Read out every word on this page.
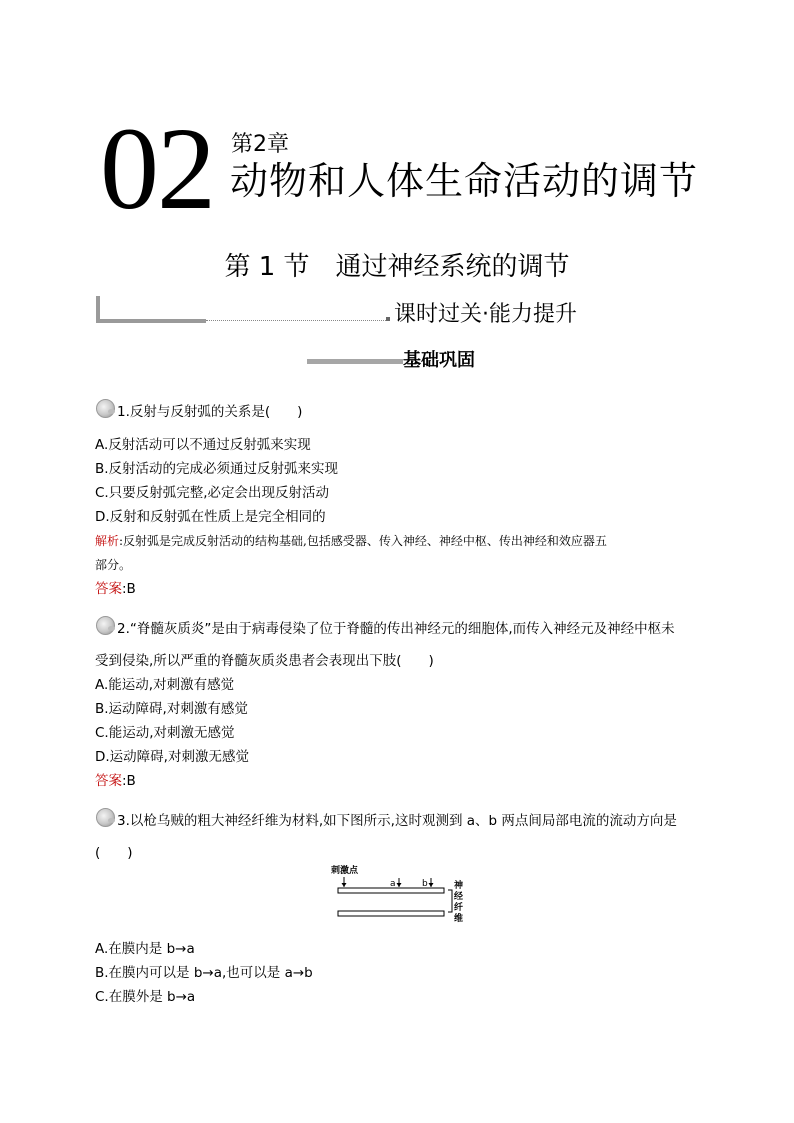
02 第2章
动物和人体生命活动的调节
第 1 节　通过神经系统的调节
课时过关·能力提升
基础巩固
1.反射与反射弧的关系是(　　)
A.反射活动可以不通过反射弧来实现
B.反射活动的完成必须通过反射弧来实现
C.只要反射弧完整,必定会出现反射活动
D.反射和反射弧在性质上是完全相同的
解析:反射弧是完成反射活动的结构基础,包括感受器、传入神经、神经中枢、传出神经和效应器五
部分。
答案:B
2.“脊髓灰质炎”是由于病毒侵染了位于脊髓的传出神经元的细胞体,而传入神经元及神经中枢未
受到侵染,所以严重的脊髓灰质炎患者会表现出下肢(　　)
A.能运动,对刺激有感觉
B.运动障碍,对刺激有感觉
C.能运动,对刺激无感觉
D.运动障碍,对刺激无感觉
答案:B
3.以枪乌贼的粗大神经纤维为材料,如下图所示,这时观测到 a、b 两点间局部电流的流动方向是
(　　)
刺激点
a	b	神
经
纤
维
A.在膜内是 b→a
B.在膜内可以是 b→a,也可以是 a→b
C.在膜外是 b→a
